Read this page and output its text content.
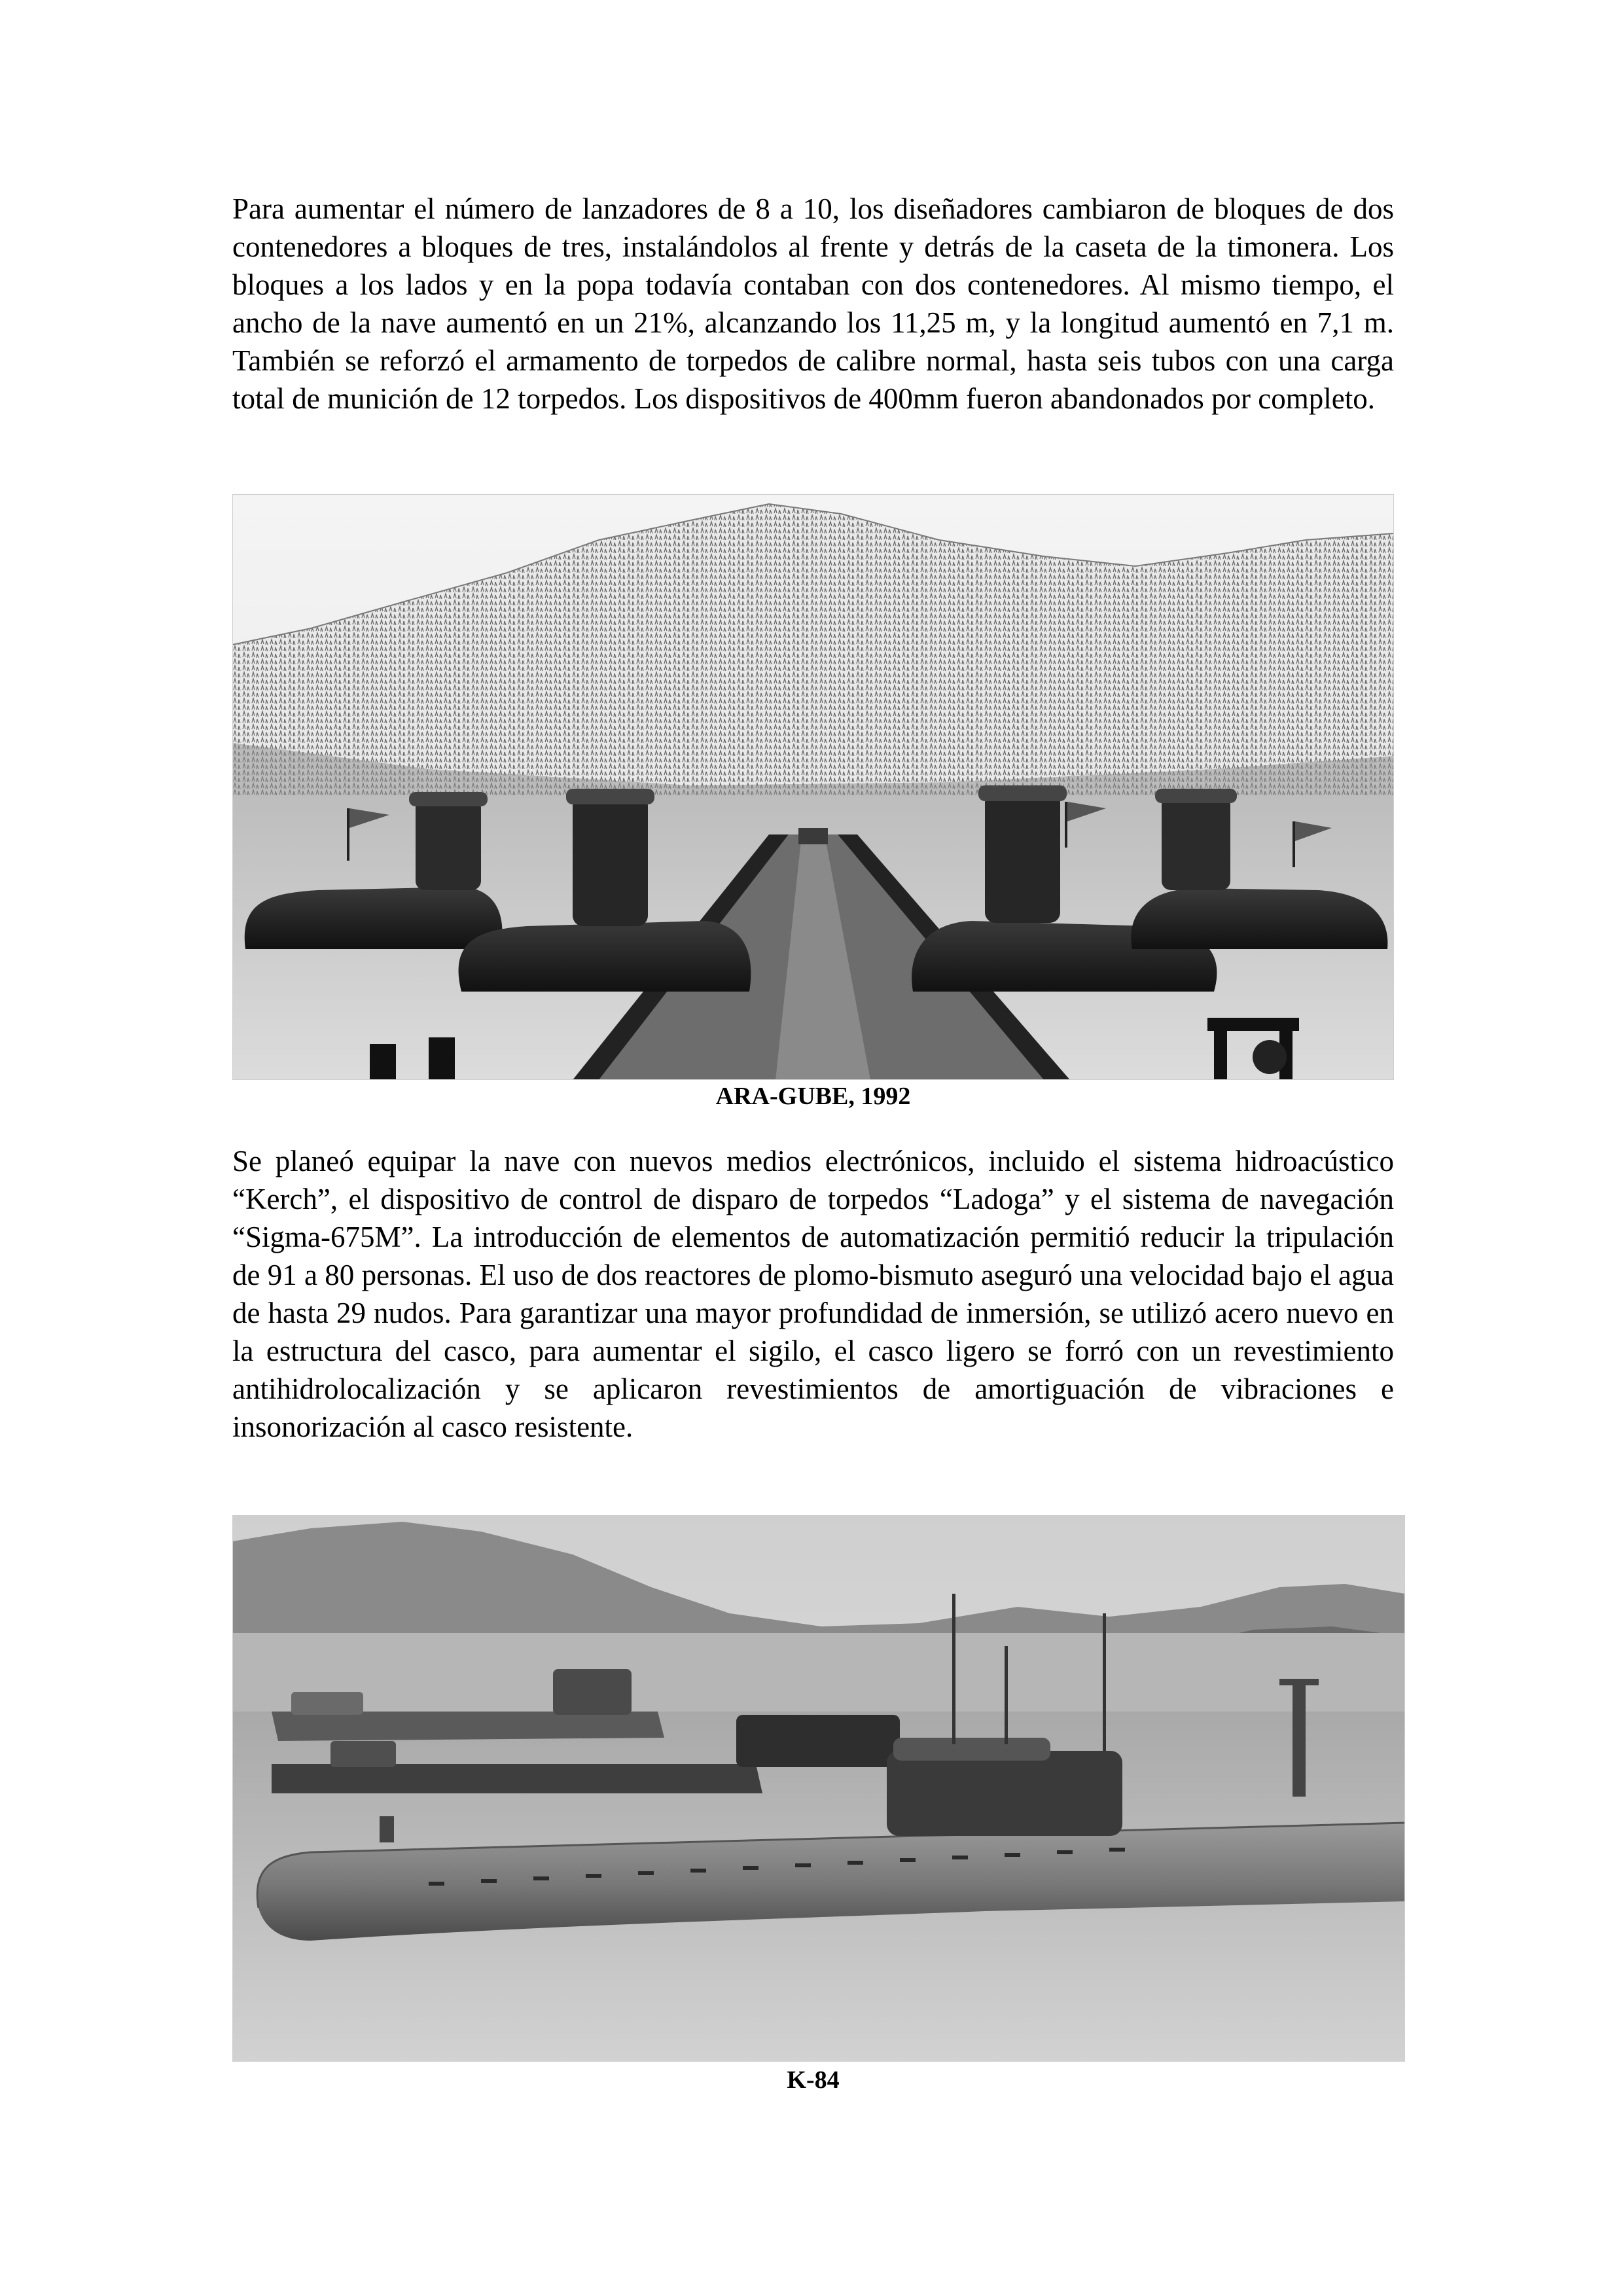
Para aumentar el número de lanzadores de 8 a 10, los diseñadores cambiaron de bloques de dos contenedores a bloques de tres, instalándolos al frente y detrás de la caseta de la timonera. Los bloques a los lados y en la popa todavía contaban con dos contenedores. Al mismo tiempo, el ancho de la nave aumentó en un 21%, alcanzando los 11,25 m, y la longitud aumentó en 7,1 m. También se reforzó el armamento de torpedos de calibre normal, hasta seis tubos con una carga total de munición de 12 torpedos. Los dispositivos de 400mm fueron abandonados por completo.

ARA-GUBE, 1992

Se planeó equipar la nave con nuevos medios electrónicos, incluido el sistema hidroacústico “Kerch”, el dispositivo de control de disparo de torpedos “Ladoga” y el sistema de navegación “Sigma-675M”. La introducción de elementos de automatización permitió reducir la tripulación de 91 a 80 personas. El uso de dos reactores de plomo-bismuto aseguró una velocidad bajo el agua de hasta 29 nudos. Para garantizar una mayor profundidad de inmersión, se utilizó acero nuevo en la estructura del casco, para aumentar el sigilo, el casco ligero se forró con un revestimiento antihidrolocalización y se aplicaron revestimientos de amortiguación de vibraciones e insonorización al casco resistente.

K-84
